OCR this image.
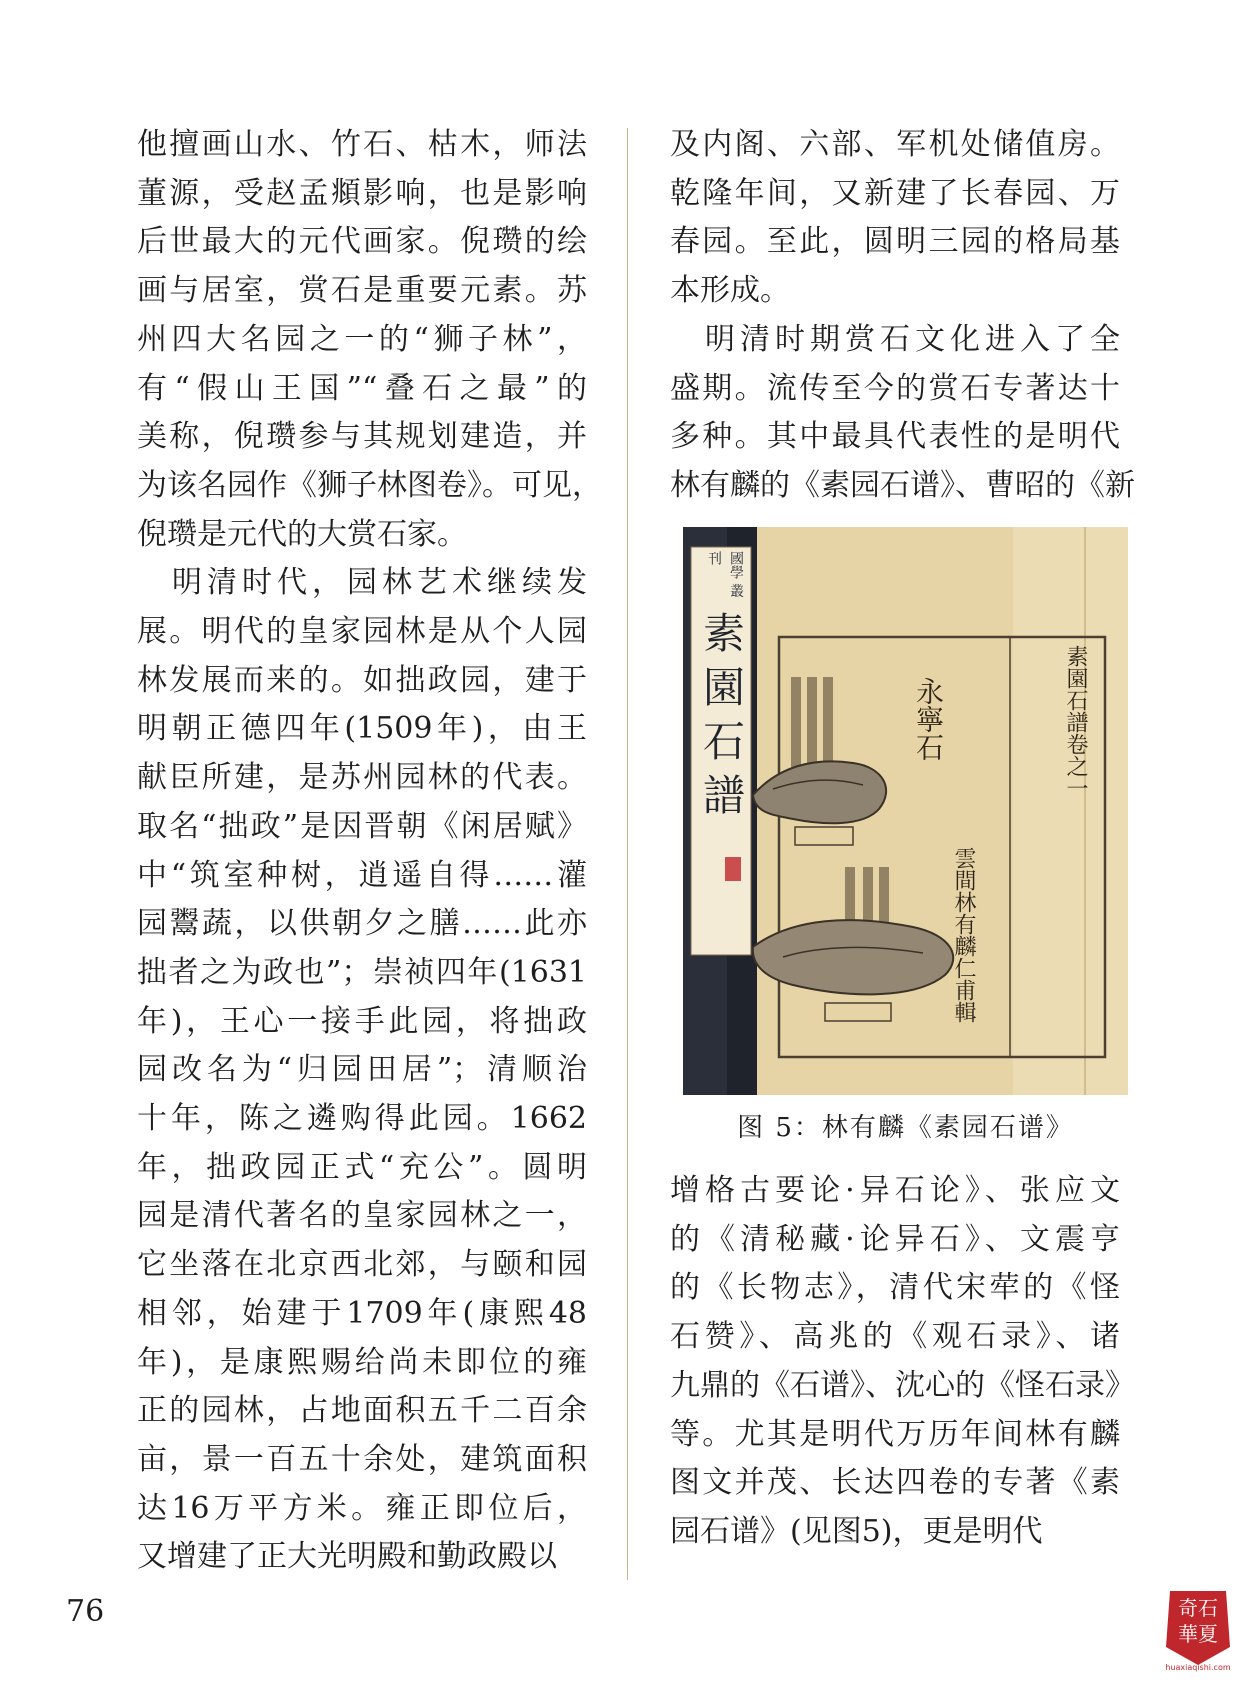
他擅画山水、竹石、枯木，师法
董源，受赵孟頫影响，也是影响
后世最大的元代画家。倪瓒的绘
画与居室，赏石是重要元素。苏
州四大名园之一的“狮子林”，
有“假山王国”“叠石之最”的
美称，倪瓒参与其规划建造，并
为该名园作《狮子林图卷》。可见，
倪瓒是元代的大赏石家。
　明清时代，园林艺术继续发
展。明代的皇家园林是从个人园
林发展而来的。如拙政园，建于
明朝正德四年(1509年)，由王
献臣所建，是苏州园林的代表。
取名“拙政”是因晋朝《闲居赋》
中“筑室种树，逍遥自得……灌
园鬻蔬，以供朝夕之膳……此亦
拙者之为政也”；崇祯四年(1631
年)，王心一接手此园，将拙政
园改名为“归园田居”；清顺治
十年，陈之遴购得此园。1662
年，拙政园正式“充公”。圆明
园是清代著名的皇家园林之一，
它坐落在北京西北郊，与颐和园
相邻，始建于1709年(康熙48
年)，是康熙赐给尚未即位的雍
正的园林，占地面积五千二百余
亩，景一百五十余处，建筑面积
达16万平方米。雍正即位后，
又增建了正大光明殿和勤政殿以
及内阁、六部、军机处储值房。
乾隆年间，又新建了长春园、万
春园。至此，圆明三园的格局基
本形成。
　明清时期赏石文化进入了全
盛期。流传至今的赏石专著达十
多种。其中最具代表性的是明代
林有麟的《素园石谱》、曹昭的《新
國學 叢刊
素園石譜	素園石譜卷之一
永寧石
雲間林有麟仁甫輯
图 5：林有麟《素园石谱》
增格古要论·异石论》、张应文
的《清秘藏·论异石》、文震亨
的《长物志》，清代宋荦的《怪
石赞》、高兆的《观石录》、诸
九鼎的《石谱》、沈心的《怪石录》
等。尤其是明代万历年间林有麟
图文并茂、长达四卷的专著《素
园石谱》(见图5)，更是明代
76	奇石 華夏
huaxiaqishi.com
